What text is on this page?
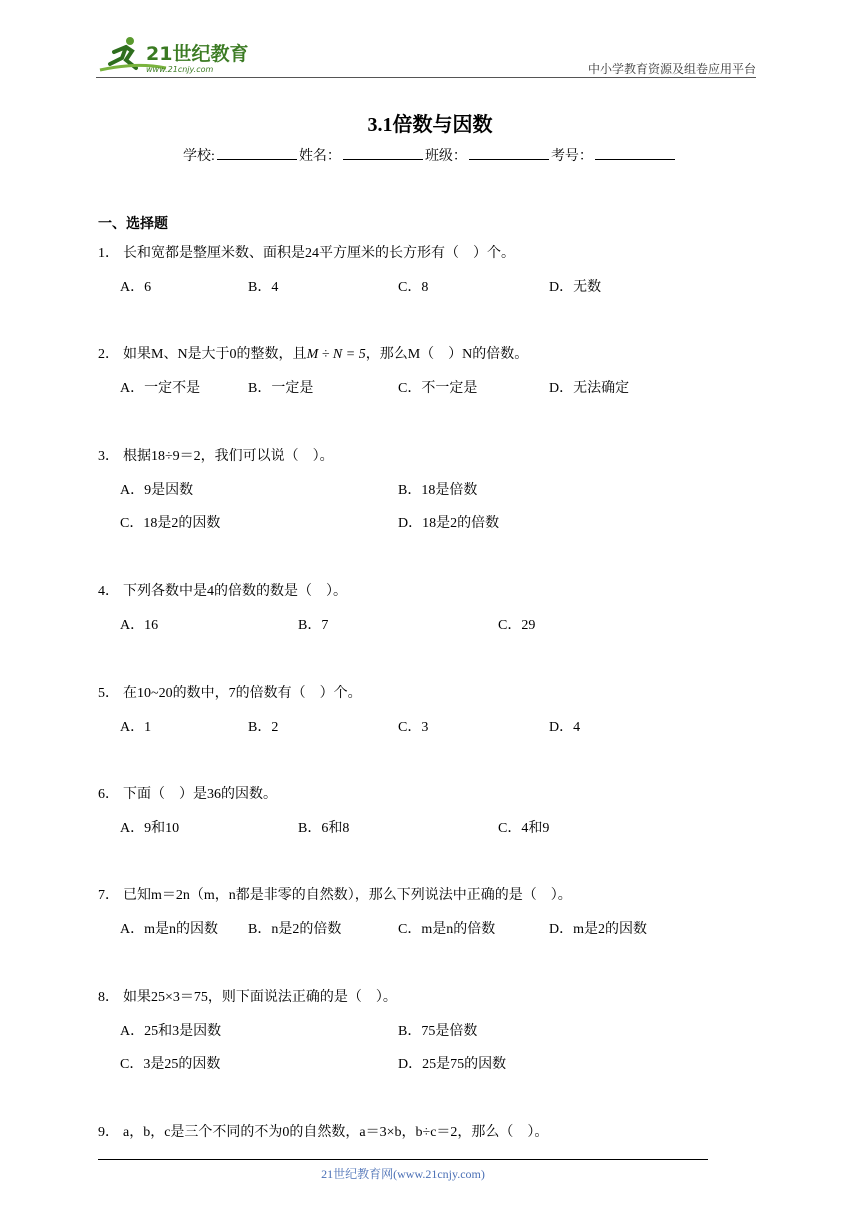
21世纪教育
www.21cnjy.com	中小学教育资源及组卷应用平台
3.1倍数与因数
学校:	姓名：	班级：	考号：
一、选择题
1． 长和宽都是整厘米数、面积是24平方厘米的长方形有（　）个。
A．6	B．4	C．8	D．无数
2． 如果M、N是大于0的整数，且M ÷ N = 5，那么M（　）N的倍数。
A．一定不是	B．一定是	C．不一定是	D．无法确定
3． 根据18÷9＝2，我们可以说（　）。
A．9是因数	B．18是倍数
C．18是2的因数	D．18是2的倍数
4． 下列各数中是4的倍数的数是（　）。
A．16	B．7	C．29
5． 在10~20的数中，7的倍数有（　）个。
A．1	B．2	C．3	D．4
6． 下面（　）是36的因数。
A．9和10	B．6和8	C．4和9
7． 已知m＝2n（m，n都是非零的自然数），那么下列说法中正确的是（　）。
A．m是n的因数 B．n是2的倍数	C．m是n的倍数	D．m是2的因数
8． 如果25×3＝75，则下面说法正确的是（　）。
A．25和3是因数	B．75是倍数
C．3是25的因数	D．25是75的因数
9． a，b，c是三个不同的不为0的自然数，a＝3×b，b÷c＝2，那么（　）。
21世纪教育网(www.21cnjy.com)
